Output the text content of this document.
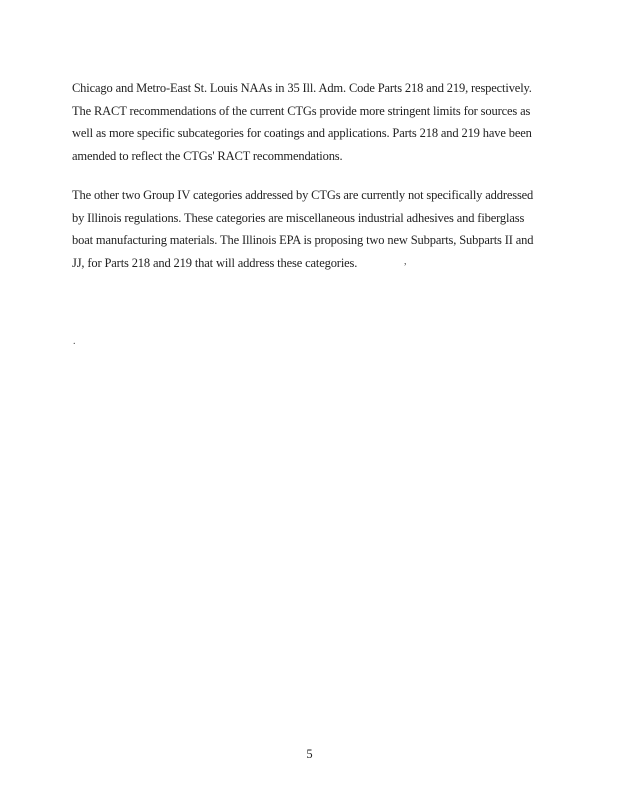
Chicago and Metro-East St. Louis NAAs in 35 Ill. Adm. Code Parts 218 and 219, respectively.
The RACT recommendations of the current CTGs provide more stringent limits for sources as
well as more specific subcategories for coatings and applications. Parts 218 and 219 have been
amended to reflect the CTGs' RACT recommendations.

The other two Group IV categories addressed by CTGs are currently not specifically addressed
by Illinois regulations. These categories are miscellaneous industrial adhesives and fiberglass
boat manufacturing materials. The Illinois EPA is proposing two new Subparts, Subparts II and
JJ, for Parts 218 and 219 that will address these categories.	,
.
5
